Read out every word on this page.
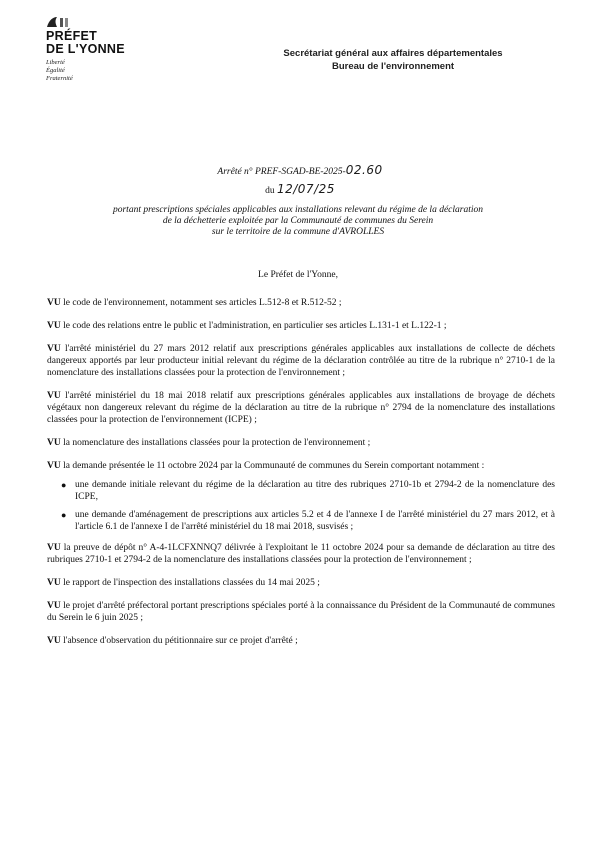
PRÉFET
DE L'YONNE
Liberté
Égalité
Fraternité
Secrétariat général aux affaires départementales
Bureau de l'environnement
Arrêté n° PREF-SGAD-BE-2025-02.60
du 12/07/25
portant prescriptions spéciales applicables aux installations relevant du régime de la déclaration
de la déchetterie exploitée par la Communauté de communes du Serein
sur le territoire de la commune d'AVROLLES
Le Préfet de l'Yonne,

VU le code de l'environnement, notamment ses articles L.512-8 et R.512-52 ;

VU le code des relations entre le public et l'administration, en particulier ses articles L.131-1 et L.122-1 ;

VU l'arrêté ministériel du 27 mars 2012 relatif aux prescriptions générales applicables aux installations de collecte de déchets dangereux apportés par leur producteur initial relevant du régime de la déclaration contrôlée au titre de la rubrique n° 2710-1 de la nomenclature des installations classées pour la protection de l'environnement ;

VU l'arrêté ministériel du 18 mai 2018 relatif aux prescriptions générales applicables aux installations de broyage de déchets végétaux non dangereux relevant du régime de la déclaration au titre de la rubrique n° 2794 de la nomenclature des installations classées pour la protection de l'environnement (ICPE) ;

VU la nomenclature des installations classées pour la protection de l'environnement ;

VU la demande présentée le 11 octobre 2024 par la Communauté de communes du Serein comportant notamment :

● une demande initiale relevant du régime de la déclaration au titre des rubriques 2710-1b et 2794-2 de la nomenclature des ICPE,
● une demande d'aménagement de prescriptions aux articles 5.2 et 4 de l'annexe I de l'arrêté ministériel du 27 mars 2012, et à l'article 6.1 de l'annexe I de l'arrêté ministériel du 18 mai 2018, susvisés ;

VU la preuve de dépôt n° A-4-1LCFXNNQ7 délivrée à l'exploitant le 11 octobre 2024 pour sa demande de déclaration au titre des rubriques 2710-1 et 2794-2 de la nomenclature des installations classées pour la protection de l'environnement ;

VU le rapport de l'inspection des installations classées du 14 mai 2025 ;

VU le projet d'arrêté préfectoral portant prescriptions spéciales porté à la connaissance du Président de la Communauté de communes du Serein le 6 juin 2025 ;

VU l'absence d'observation du pétitionnaire sur ce projet d'arrêté ;
